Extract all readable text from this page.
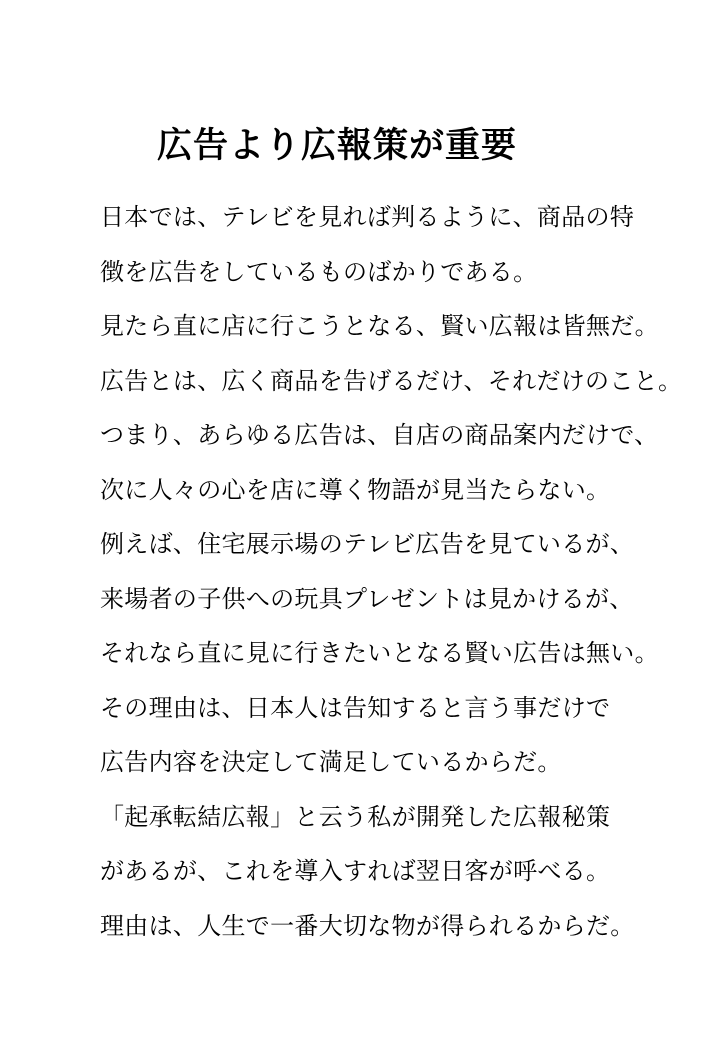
広告より広報策が重要
日本では、テレビを見れば判るように、商品の特
徴を広告をしているものばかりである。
見たら直に店に行こうとなる、賢い広報は皆無だ。
広告とは、広く商品を告げるだけ、それだけのこと。
つまり、あらゆる広告は、自店の商品案内だけで、
次に人々の心を店に導く物語が見当たらない。
例えば、住宅展示場のテレビ広告を見ているが、
来場者の子供への玩具プレゼントは見かけるが、
それなら直に見に行きたいとなる賢い広告は無い。
その理由は、日本人は告知すると言う事だけで
広告内容を決定して満足しているからだ。
「起承転結広報」と云う私が開発した広報秘策
があるが、これを導入すれば翌日客が呼べる。
理由は、人生で一番大切な物が得られるからだ。
